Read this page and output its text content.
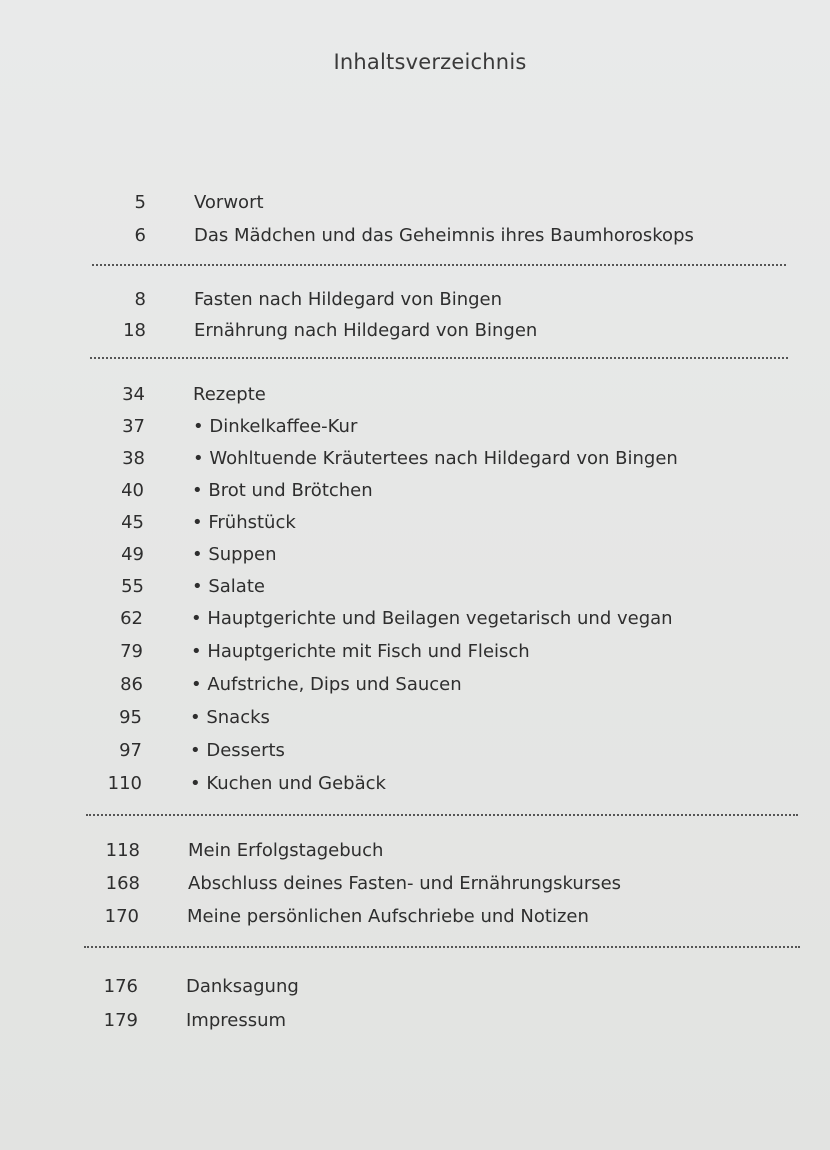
Inhaltsverzeichnis
5	Vorwort
6	Das Mädchen und das Geheimnis ihres Baumhoroskops
8	Fasten nach Hildegard von Bingen
18	Ernährung nach Hildegard von Bingen
34	Rezepte
37	• Dinkelkaffee-Kur
38	• Wohltuende Kräutertees nach Hildegard von Bingen
40	• Brot und Brötchen
45	• Frühstück
49	• Suppen
55	• Salate
62	• Hauptgerichte und Beilagen vegetarisch und vegan
79	• Hauptgerichte mit Fisch und Fleisch
86	• Aufstriche, Dips und Saucen
95	• Snacks
97	• Desserts
110	• Kuchen und Gebäck
118	Mein Erfolgstagebuch
168	Abschluss deines Fasten- und Ernährungskurses
170	Meine persönlichen Aufschriebe und Notizen
176	Danksagung
179	Impressum
